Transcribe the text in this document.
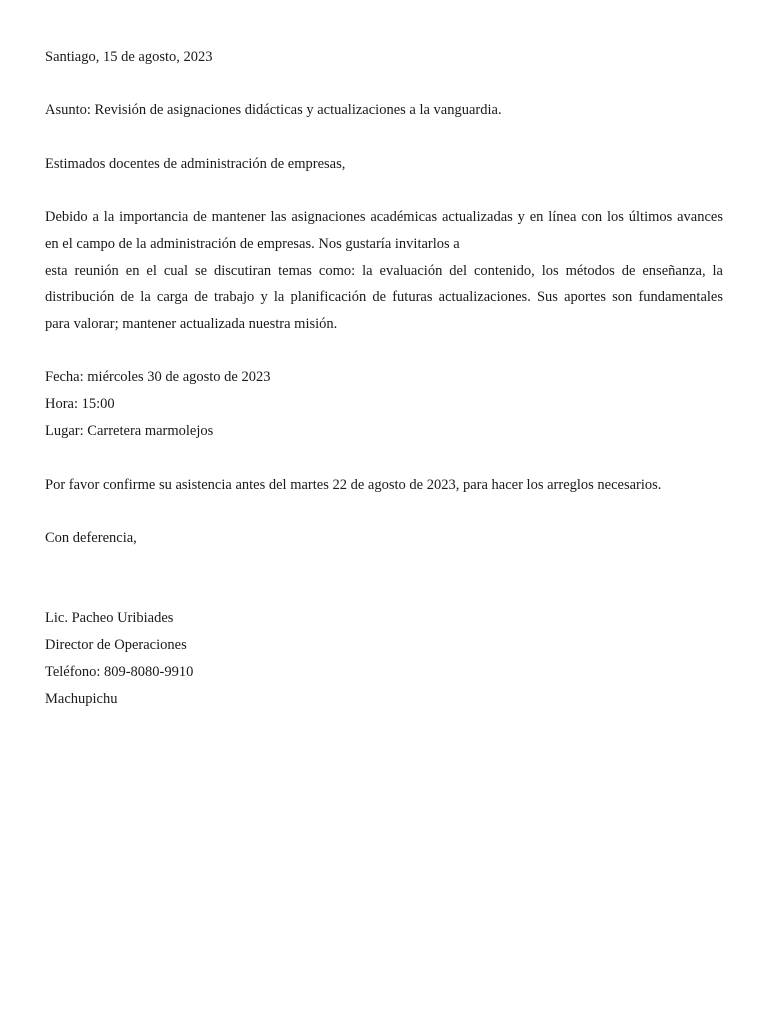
Santiago, 15 de agosto, 2023
Asunto: Revisión de asignaciones didácticas y actualizaciones a la vanguardia.
Estimados docentes de administración de empresas,
Debido a la importancia de mantener las asignaciones académicas actualizadas y en línea con los últimos avances
en el campo de la administración de empresas. Nos gustaría invitarlos a
esta reunión en el cual se discutiran temas como: la evaluación del contenido, los métodos de enseñanza, la
distribución de la carga de trabajo y la planificación de futuras actualizaciones. Sus aportes son fundamentales
para valorar; mantener actualizada nuestra misión.
Fecha: miércoles 30 de agosto de 2023
Hora: 15:00
Lugar: Carretera marmolejos
Por favor confirme su asistencia antes del martes 22 de agosto de 2023, para hacer los arreglos necesarios.
Con deferencia,
Lic. Pacheo Uribiades
Director de Operaciones
Teléfono: 809-8080-9910
Machupichu
